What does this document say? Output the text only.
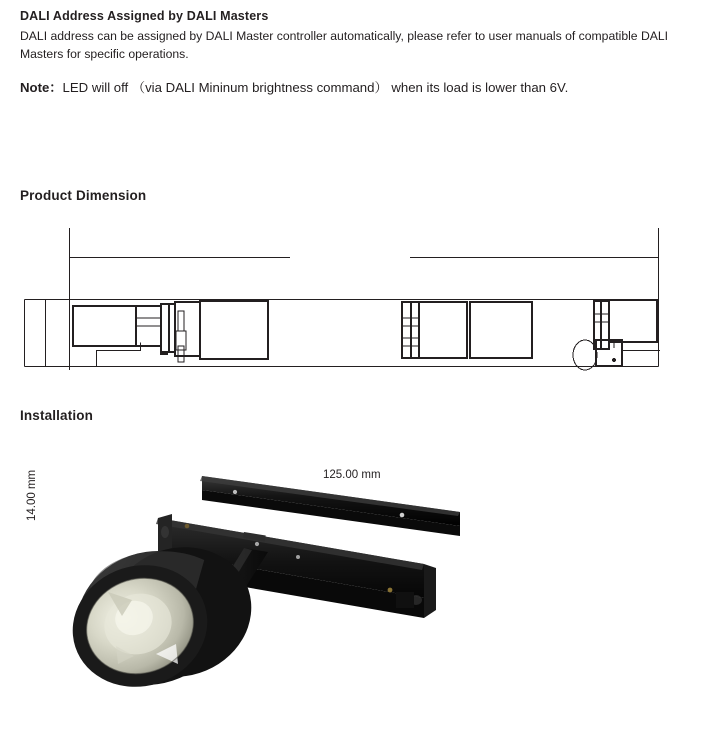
DALI Address Assigned by DALI Masters
DALI address can be assigned by DALI Master controller automatically, please refer to user manuals of compatible DALI Masters for specific operations.
Note：LED will off （via DALI Mininum brightness command） when its load is lower than 6V.
Product Dimension
125.00 mm
14.00 mm
Installation
